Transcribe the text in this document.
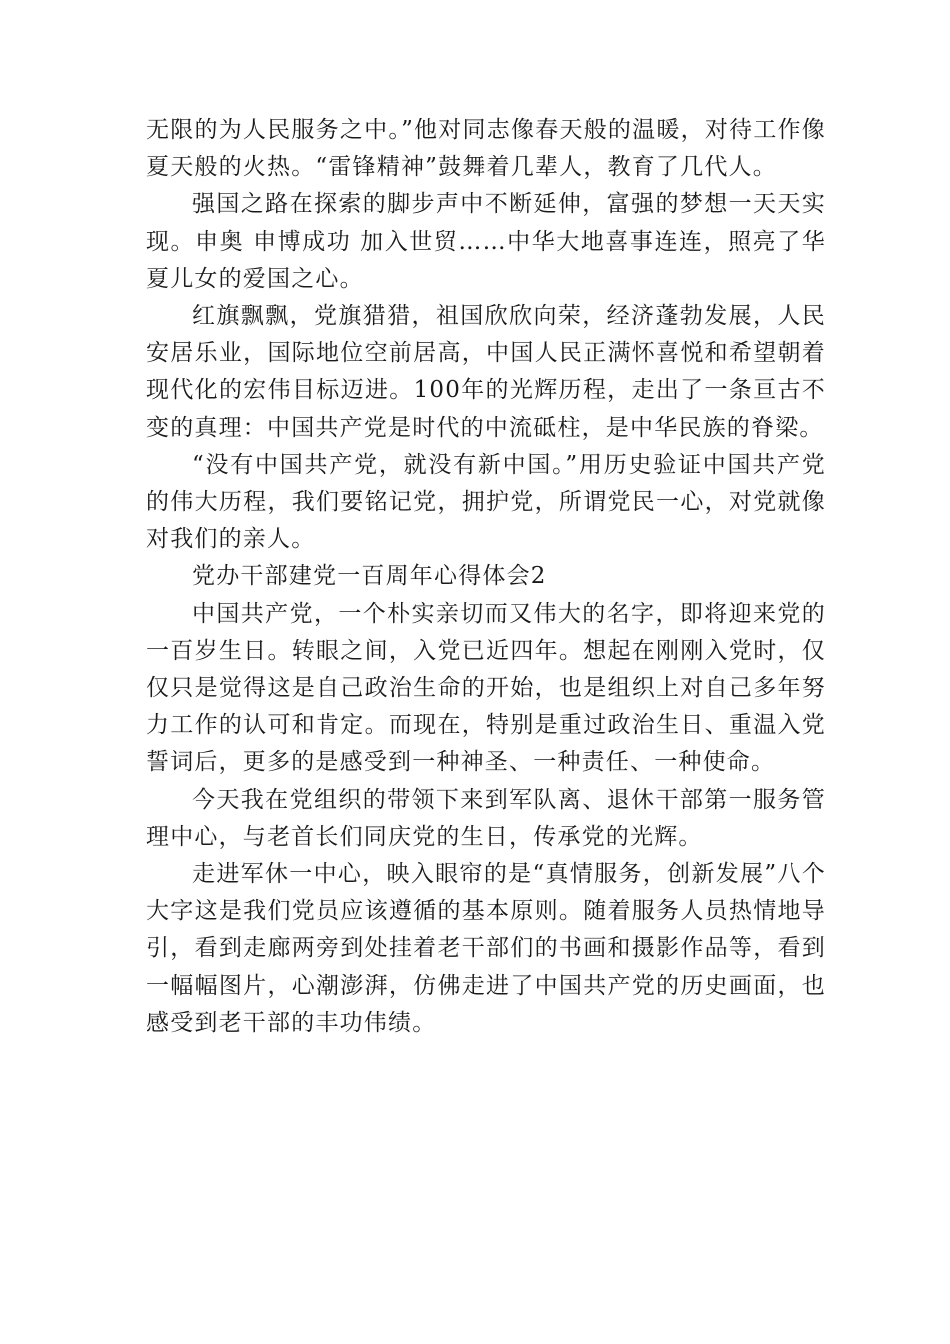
无限的为人民服务之中。”他对同志像春天般的温暖，对待工作像夏天般的火热。“雷锋精神”鼓舞着几辈人，教育了几代人。

强国之路在探索的脚步声中不断延伸，富强的梦想一天天实现。申奥 申博成功 加入世贸……中华大地喜事连连，照亮了华夏儿女的爱国之心。

红旗飘飘，党旗猎猎，祖国欣欣向荣，经济蓬勃发展，人民安居乐业，国际地位空前居高，中国人民正满怀喜悦和希望朝着现代化的宏伟目标迈进。100年的光辉历程，走出了一条亘古不变的真理：中国共产党是时代的中流砥柱，是中华民族的脊梁。

“没有中国共产党，就没有新中国。”用历史验证中国共产党的伟大历程，我们要铭记党，拥护党，所谓党民一心，对党就像对我们的亲人。

党办干部建党一百周年心得体会2

中国共产党，一个朴实亲切而又伟大的名字，即将迎来党的一百岁生日。转眼之间，入党已近四年。想起在刚刚入党时，仅仅只是觉得这是自己政治生命的开始，也是组织上对自己多年努力工作的认可和肯定。而现在，特别是重过政治生日、重温入党誓词后，更多的是感受到一种神圣、一种责任、一种使命。

今天我在党组织的带领下来到军队离、退休干部第一服务管理中心，与老首长们同庆党的生日，传承党的光辉。

走进军休一中心，映入眼帘的是“真情服务，创新发展”八个大字这是我们党员应该遵循的基本原则。随着服务人员热情地导引，看到走廊两旁到处挂着老干部们的书画和摄影作品等，看到一幅幅图片，心潮澎湃，仿佛走进了中国共产党的历史画面，也感受到老干部的丰功伟绩。
